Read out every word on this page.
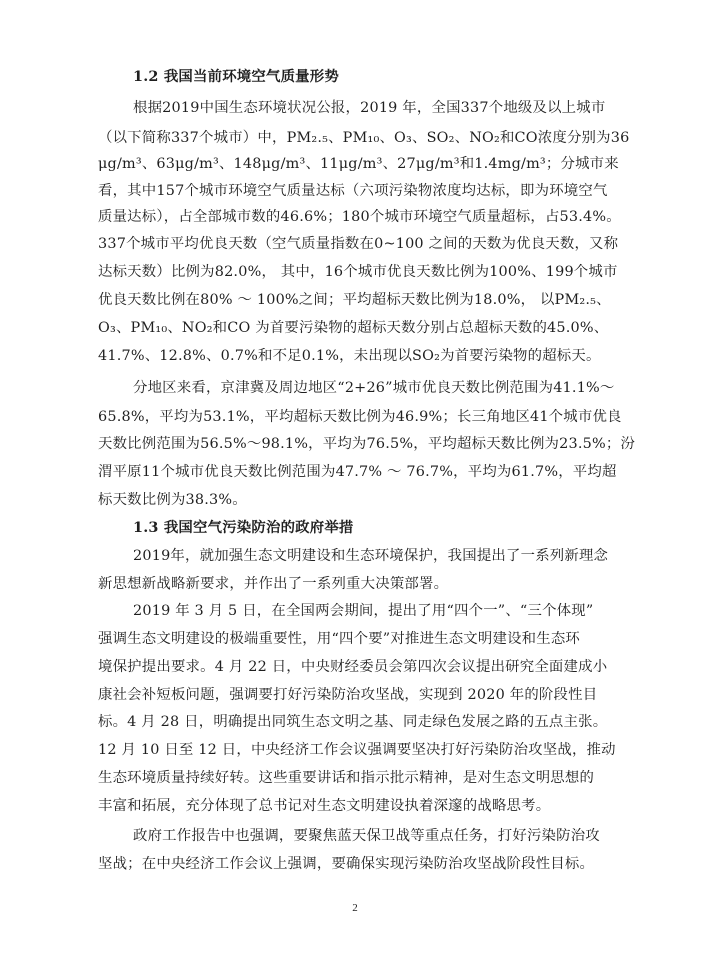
1.2 我国当前环境空气质量形势
根据2019中国生态环境状况公报，2019 年，全国337个地级及以上城市
（以下简称337个城市）中，PM₂.₅、PM₁₀、O₃、SO₂、NO₂和CO浓度分别为36
μg/m³、63μg/m³、148μg/m³、11μg/m³、27μg/m³和1.4mg/m³；分城市来
看，其中157个城市环境空气质量达标（六项污染物浓度均达标，即为环境空气
质量达标），占全部城市数的46.6%；180个城市环境空气质量超标，占53.4%。
337个城市平均优良天数（空气质量指数在0~100 之间的天数为优良天数，又称
达标天数）比例为82.0%， 其中，16个城市优良天数比例为100%、199个城市
优良天数比例在80% ～ 100%之间；平均超标天数比例为18.0%， 以PM₂.₅、
O₃、PM₁₀、NO₂和CO 为首要污染物的超标天数分别占总超标天数的45.0%、
41.7%、12.8%、0.7%和不足0.1%，未出现以SO₂为首要污染物的超标天。
分地区来看，京津冀及周边地区“2+26”城市优良天数比例范围为41.1%～
65.8%，平均为53.1%，平均超标天数比例为46.9%；长三角地区41个城市优良
天数比例范围为56.5%～98.1%，平均为76.5%，平均超标天数比例为23.5%；汾
渭平原11个城市优良天数比例范围为47.7% ～ 76.7%，平均为61.7%，平均超
标天数比例为38.3%。
1.3 我国空气污染防治的政府举措
2019年，就加强生态文明建设和生态环境保护，我国提出了一系列新理念
新思想新战略新要求，并作出了一系列重大决策部署。
2019 年 3 月 5 日，在全国两会期间，提出了用“四个一”、“三个体现”
强调生态文明建设的极端重要性，用“四个要”对推进生态文明建设和生态环
境保护提出要求。4 月 22 日，中央财经委员会第四次会议提出研究全面建成小
康社会补短板问题，强调要打好污染防治攻坚战，实现到 2020 年的阶段性目
标。4 月 28 日，明确提出同筑生态文明之基、同走绿色发展之路的五点主张。
12 月 10 日至 12 日，中央经济工作会议强调要坚决打好污染防治攻坚战，推动
生态环境质量持续好转。这些重要讲话和指示批示精神，是对生态文明思想的
丰富和拓展，充分体现了总书记对生态文明建设执着深邃的战略思考。
政府工作报告中也强调，要聚焦蓝天保卫战等重点任务，打好污染防治攻
坚战；在中央经济工作会议上强调，要确保实现污染防治攻坚战阶段性目标。
2
